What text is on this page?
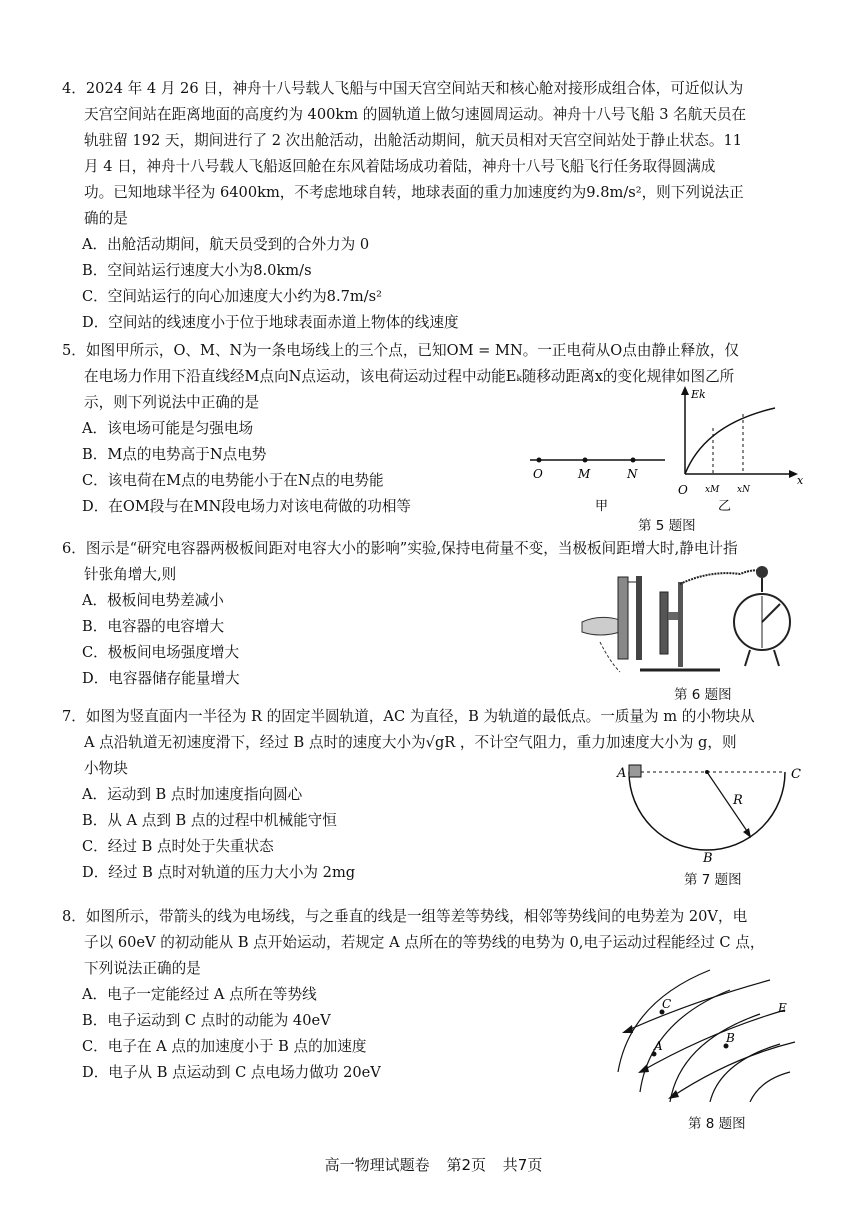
4．2024 年 4 月 26 日，神舟十八号载人飞船与中国天宫空间站天和核心舱对接形成组合体，可近似认为
天宫空间站在距离地面的高度约为 400km 的圆轨道上做匀速圆周运动。神舟十八号飞船 3 名航天员在
轨驻留 192 天，期间进行了 2 次出舱活动，出舱活动期间，航天员相对天宫空间站处于静止状态。11
月 4 日，神舟十八号载人飞船返回舱在东风着陆场成功着陆，神舟十八号飞船飞行任务取得圆满成
功。已知地球半径为 6400km，不考虑地球自转，地球表面的重力加速度约为9.8m/s²，则下列说法正
确的是
A．出舱活动期间，航天员受到的合外力为 0
B．空间站运行速度大小为8.0km/s
C．空间站运行的向心加速度大小约为8.7m/s²
D．空间站的线速度小于位于地球表面赤道上物体的线速度
5．如图甲所示，O、M、N为一条电场线上的三个点，已知OM = MN。一正电荷从O点由静止释放，仅
在电场力作用下沿直线经M点向N点运动，该电荷运动过程中动能Eₖ随移动距离x的变化规律如图乙所
示，则下列说法中正确的是
A．该电场可能是匀强电场
B．M点的电势高于N点电势
C．该电荷在M点的电势能小于在N点的电势能
D．在OM段与在MN段电场力对该电荷做的功相等
O	M	N
Ek
x
O xM xN
甲	乙
第 5 题图
6．图示是“研究电容器两极板间距对电容大小的影响”实验,保持电荷量不变，当极板间距增大时,静电计指
针张角增大,则
A．极板间电势差减小
B．电容器的电容增大
C．极板间电场强度增大
D．电容器储存能量增大
第 6 题图
7．如图为竖直面内一半径为 R 的固定半圆轨道，AC 为直径，B 为轨道的最低点。一质量为 m 的小物块从
A 点沿轨道无初速度滑下，经过 B 点时的速度大小为√gR ，不计空气阻力，重力加速度大小为 g，则
小物块
A．运动到 B 点时加速度指向圆心
B．从 A 点到 B 点的过程中机械能守恒
C．经过 B 点时处于失重状态
D．经过 B 点时对轨道的压力大小为 2mg
A	C
R
B
第 7 题图
8．如图所示，带箭头的线为电场线，与之垂直的线是一组等差等势线，相邻等势线间的电势差为 20V，电
子以 60eV 的初动能从 B 点开始运动，若规定 A 点所在的等势线的电势为 0,电子运动过程能经过 C 点，
下列说法正确的是
A．电子一定能经过 A 点所在等势线
B．电子运动到 C 点时的动能为 40eV
C．电子在 A 点的加速度小于 B 点的加速度
D．电子从 B 点运动到 C 点电场力做功 20eV
C
A
B
E
第 8 题图
高一物理试题卷 第2页 共7页
